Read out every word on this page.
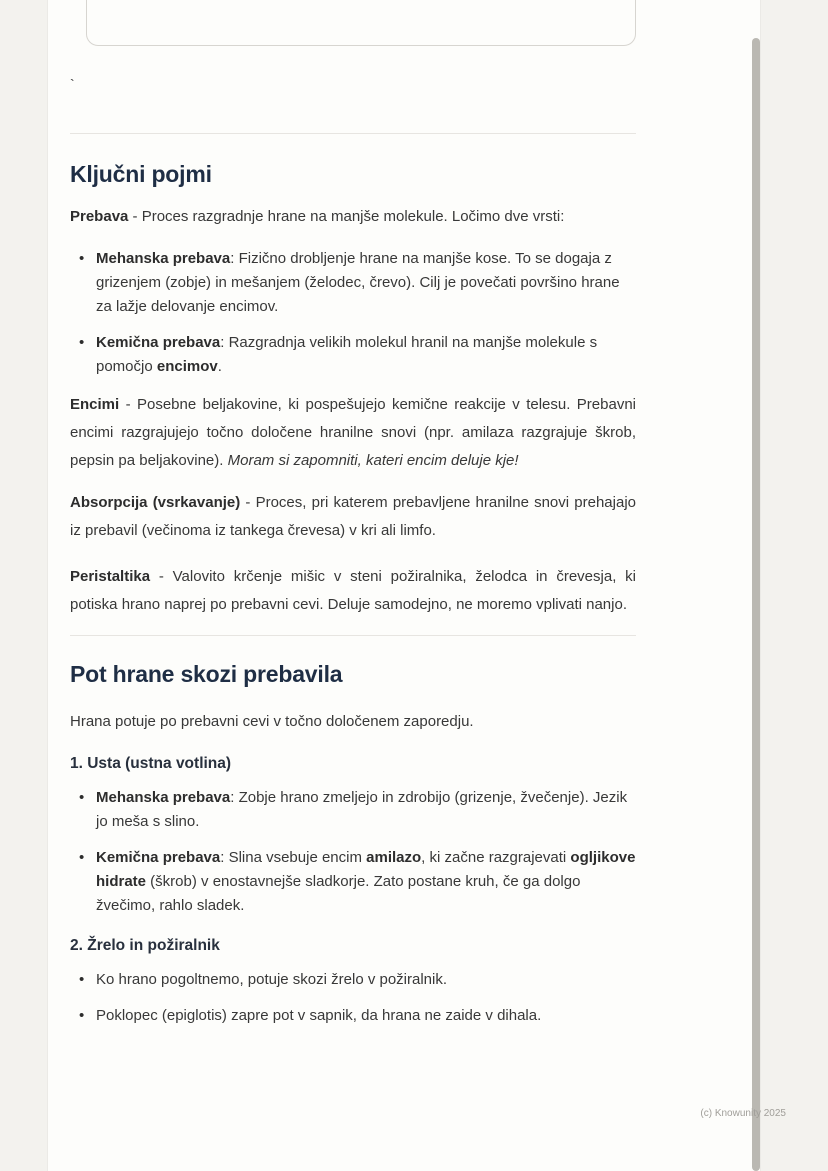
`

Ključni pojmi

Prebava - Proces razgradnje hrane na manjše molekule. Ločimo dve vrsti:

• Mehanska prebava: Fizično drobljenje hrane na manjše kose. To se dogaja z grizenjem (zobje) in mešanjem (želodec, črevo). Cilj je povečati površino hrane za lažje delovanje encimov.
• Kemična prebava: Razgradnja velikih molekul hranil na manjše molekule s pomočjo encimov.

Encimi - Posebne beljakovine, ki pospešujejo kemične reakcije v telesu. Prebavni encimi razgrajujejo točno določene hranilne snovi (npr. amilaza razgrajuje škrob, pepsin pa beljakovine). Moram si zapomniti, kateri encim deluje kje!

Absorpcija (vsrkavanje) - Proces, pri katerem prebavljene hranilne snovi prehajajo iz prebavil (večinoma iz tankega črevesa) v kri ali limfo.

Peristaltika - Valovito krčenje mišic v steni požiralnika, želodca in črevesja, ki potiska hrano naprej po prebavni cevi. Deluje samodejno, ne moremo vplivati nanjo.

Pot hrane skozi prebavila

Hrana potuje po prebavni cevi v točno določenem zaporedju.

1. Usta (ustna votlina)
• Mehanska prebava: Zobje hrano zmeljejo in zdrobijo (grizenje, žvečenje). Jezik jo meša s slino.
• Kemična prebava: Slina vsebuje encim amilazo, ki začne razgrajevati ogljikove hidrate (škrob) v enostavnejše sladkorje. Zato postane kruh, če ga dolgo žvečimo, rahlo sladek.
2. Žrelo in požiralnik
• Ko hrano pogoltnemo, potuje skozi žrelo v požiralnik.
• Poklopec (epiglotis) zapre pot v sapnik, da hrana ne zaide v dihala.
(c) Knowunity 2025
